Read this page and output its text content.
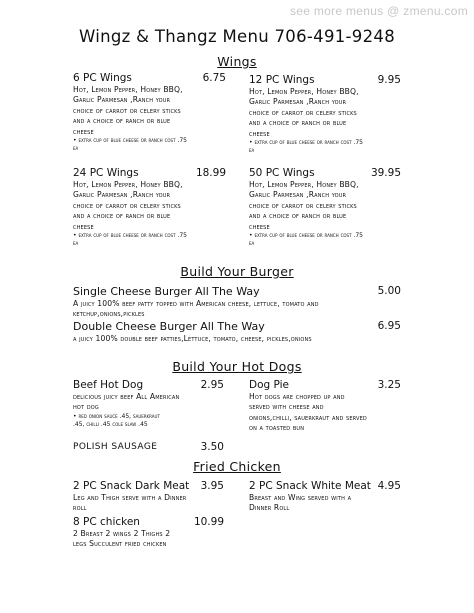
see more menus @ zmenu.com
Wingz & Thangz Menu 706-491-9248
Wings
6 PC Wings	6.75
Hot, Lemon Pepper, Honey BBQ, Garlic Parmesan ,Ranch your choice of carrot or celery sticks and a choice of ranch or blue cheese
• extra cup of blue cheese or ranch cost .75 ea
12 PC Wings	9.95
Hot, Lemon Pepper, Honey BBQ, Garlic Parmesan ,Ranch your choice of carrot or celery sticks and a choice of ranch or blue cheese
• extra cup of blue cheese or ranch cost .75 ea
24 PC Wings	18.99
Hot, Lemon Pepper, Honey BBQ, Garlic Parmesan ,Ranch your choice of carrot or celery sticks and a choice of ranch or blue cheese
• extra cup of blue cheese or ranch cost .75 ea
50 PC Wings	39.95
Hot, Lemon Pepper, Honey BBQ, Garlic Parmesan ,Ranch your choice of carrot or celery sticks and a choice of ranch or blue cheese
• extra cup of blue cheese or ranch cost .75 ea
Build Your Burger
Single Cheese Burger All The Way	5.00
A juicy 100% beef patty topped with American cheese, lettuce, tomato and ketchup,onions,pickles
Double Cheese Burger All The Way	6.95
a juicy 100% double beef patties,Lettuce, tomato, cheese, pickles,onions
Build Your Hot Dogs
Beef Hot Dog	2.95
delicious juicy beef All American hot dog
• red onion sauce .45, sauerkraut .45, chilli .45 cole slaw .45
Dog Pie	3.25
Hot dogs are chopped up and served with cheese and onions,chilli, sauerkraut and served on a toasted bun
POLISH SAUSAGE	3.50
Fried Chicken
2 PC Snack Dark Meat	3.95
Leg and Thigh serve with a Dinner roll
2 PC Snack White Meat 4.95
Breast and Wing served with a Dinner Roll
8 PC chicken	10.99
2 Breast 2 wings 2 Thighs 2 legs Succulent fried chicken
